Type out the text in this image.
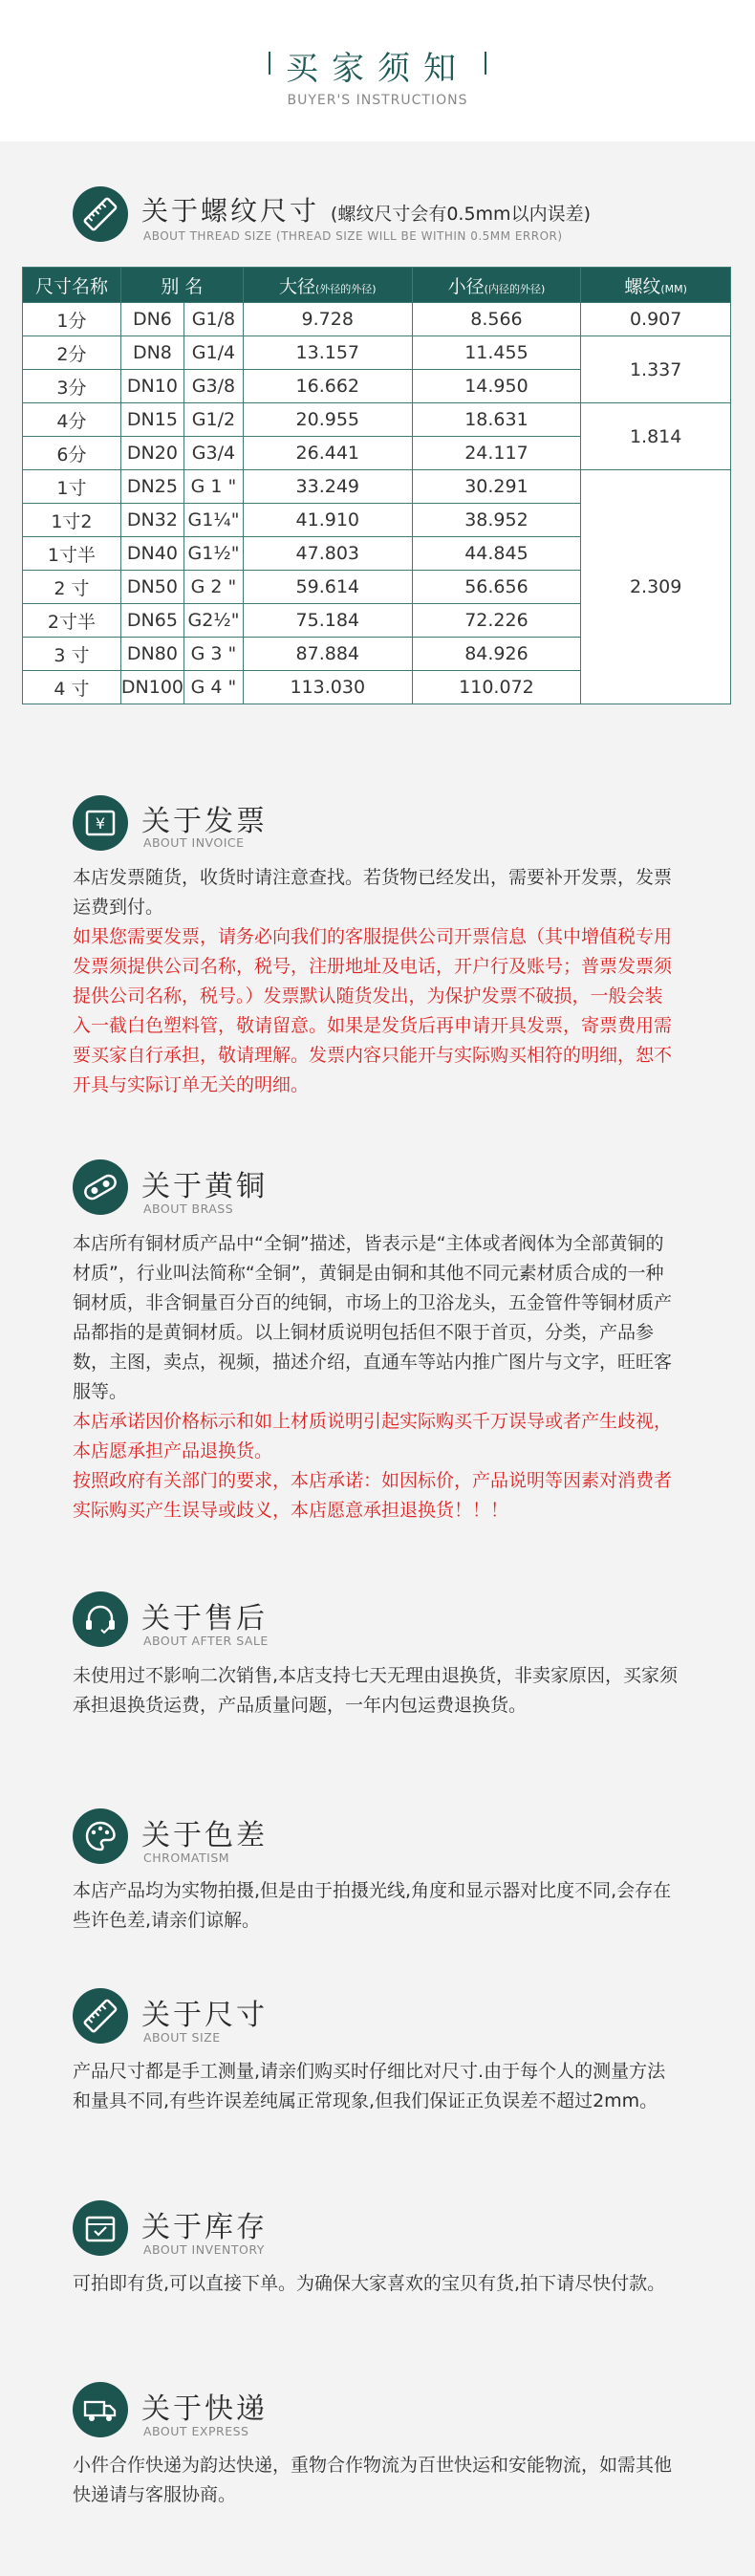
买家须知
BUYER'S INSTRUCTIONS
关于螺纹尺寸 (螺纹尺寸会有0.5mm以内误差)
ABOUT THREAD SIZE (THREAD SIZE WILL BE WITHIN 0.5MM ERROR)
尺寸名称	别 名		大径(外径的外径)	小径(内径的外径)	螺纹(MM)
1分	DN6	G1/8	9.728	8.566	0.907
2分	DN8	G1/4	13.157	11.455	1.337
3分	DN10	G3/8	16.662	14.950	
4分	DN15	G1/2	20.955	18.631	1.814
6分	DN20	G3/4	26.441	24.117	
1寸	DN25	G 1 "	33.249	30.291	2.309
1寸2	DN32	G1¼"	41.910	38.952	
1寸半	DN40	G1½"	47.803	44.845	
2 寸	DN50	G 2 "	59.614	56.656	
2寸半	DN65	G2½"	75.184	72.226	
3 寸	DN80	G 3 "	87.884	84.926	
4 寸	DN100	G 4 "	113.030	110.072	
¥ 关于发票
ABOUT INVOICE

本店发票随货，收货时请注意查找。若货物已经发出，需要补开发票，发票运费到付。

如果您需要发票，请务必向我们的客服提供公司开票信息（其中增值税专用发票须提供公司名称，税号，注册地址及电话，开户行及账号；普票发票须提供公司名称，税号。）发票默认随货发出，为保护发票不破损，一般会装入一截白色塑料管，敬请留意。如果是发货后再申请开具发票，寄票费用需要买家自行承担，敬请理解。发票内容只能开与实际购买相符的明细，恕不开具与实际订单无关的明细。

关于黄铜
ABOUT BRASS

本店所有铜材质产品中“全铜”描述，皆表示是“主体或者阀体为全部黄铜的材质”，行业叫法简称“全铜”，黄铜是由铜和其他不同元素材质合成的一种铜材质，非含铜量百分百的纯铜，市场上的卫浴龙头，五金管件等铜材质产品都指的是黄铜材质。以上铜材质说明包括但不限于首页，分类，产品参数，主图，卖点，视频，描述介绍，直通车等站内推广图片与文字，旺旺客服等。

本店承诺因价格标示和如上材质说明引起实际购买千万误导或者产生歧视，本店愿承担产品退换货。

按照政府有关部门的要求，本店承诺：如因标价，产品说明等因素对消费者实际购买产生误导或歧义，本店愿意承担退换货！！！

关于售后
ABOUT AFTER SALE

未使用过不影响二次销售,本店支持七天无理由退换货，非卖家原因，买家须承担退换货运费，产品质量问题，一年内包运费退换货。

关于色差
CHROMATISM

本店产品均为实物拍摄,但是由于拍摄光线,角度和显示器对比度不同,会存在些许色差,请亲们谅解。

关于尺寸
ABOUT SIZE

产品尺寸都是手工测量,请亲们购买时仔细比对尺寸.由于每个人的测量方法和量具不同,有些许误差纯属正常现象,但我们保证正负误差不超过2mm。

关于库存
ABOUT INVENTORY

可拍即有货,可以直接下单。为确保大家喜欢的宝贝有货,拍下请尽快付款。

关于快递
ABOUT EXPRESS

小件合作快递为韵达快递，重物合作物流为百世快运和安能物流，如需其他快递请与客服协商。
